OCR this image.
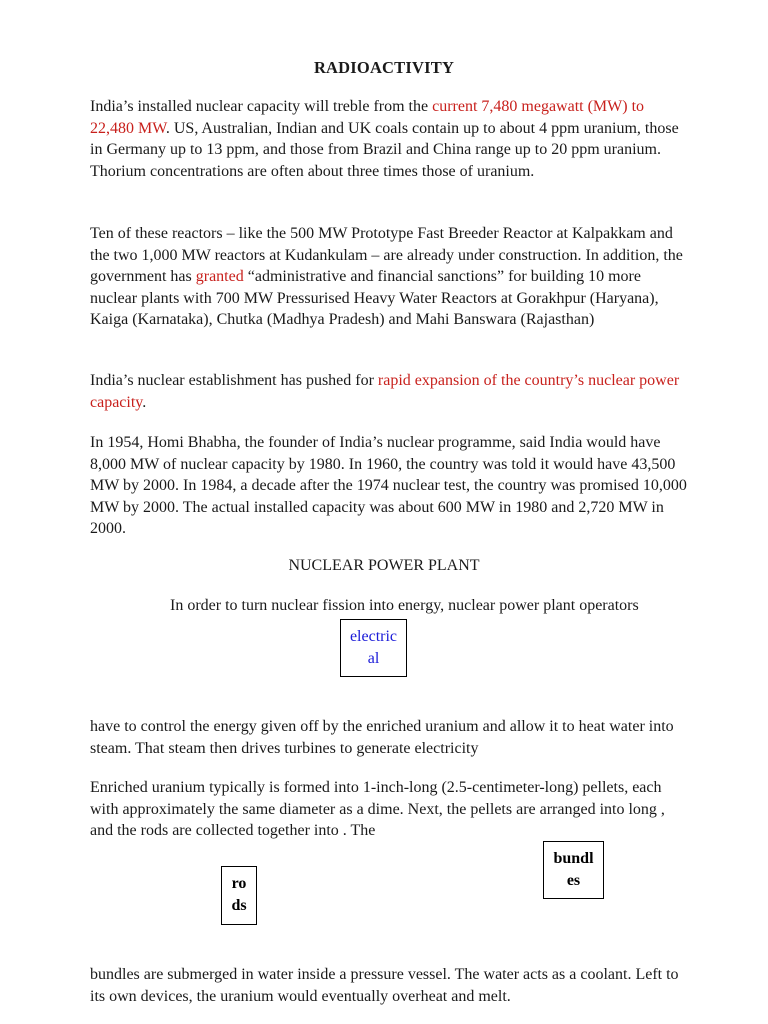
RADIOACTIVITY
India’s installed nuclear capacity will treble from the current 7,480 megawatt (MW) to 22,480 MW. US, Australian, Indian and UK coals contain up to about 4 ppm uranium, those in Germany up to 13 ppm, and those from Brazil and China range up to 20 ppm uranium. Thorium concentrations are often about three times those of uranium.
Ten of these reactors – like the 500 MW Prototype Fast Breeder Reactor at Kalpakkam and the two 1,000 MW reactors at Kudankulam – are already under construction. In addition, the government has granted “administrative and financial sanctions” for building 10 more nuclear plants with 700 MW Pressurised Heavy Water Reactors at Gorakhpur (Haryana), Kaiga (Karnataka), Chutka (Madhya Pradesh) and Mahi Banswara (Rajasthan)
India’s nuclear establishment has pushed for rapid expansion of the country’s nuclear power capacity.
In 1954, Homi Bhabha, the founder of India’s nuclear programme, said India would have 8,000 MW of nuclear capacity by 1980. In 1960, the country was told it would have 43,500 MW by 2000. In 1984, a decade after the 1974 nuclear test, the country was promised 10,000 MW by 2000. The actual installed capacity was about 600 MW in 1980 and 2,720 MW in 2000.
NUCLEAR POWER PLANT
In order to turn nuclear fission into energy, nuclear power plant operators
electric
al
have to control the energy given off by the enriched uranium and allow it to heat water into steam. That steam then drives turbines to generate electricity
Enriched uranium typically is formed into 1-inch-long (2.5-centimeter-long) pellets, each with approximately the same diameter as a dime. Next, the pellets are arranged into long , and the rods are collected together into . The
bundl
es
ro
ds
bundles are submerged in water inside a pressure vessel. The water acts as a coolant. Left to its own devices, the uranium would eventually overheat and melt.
